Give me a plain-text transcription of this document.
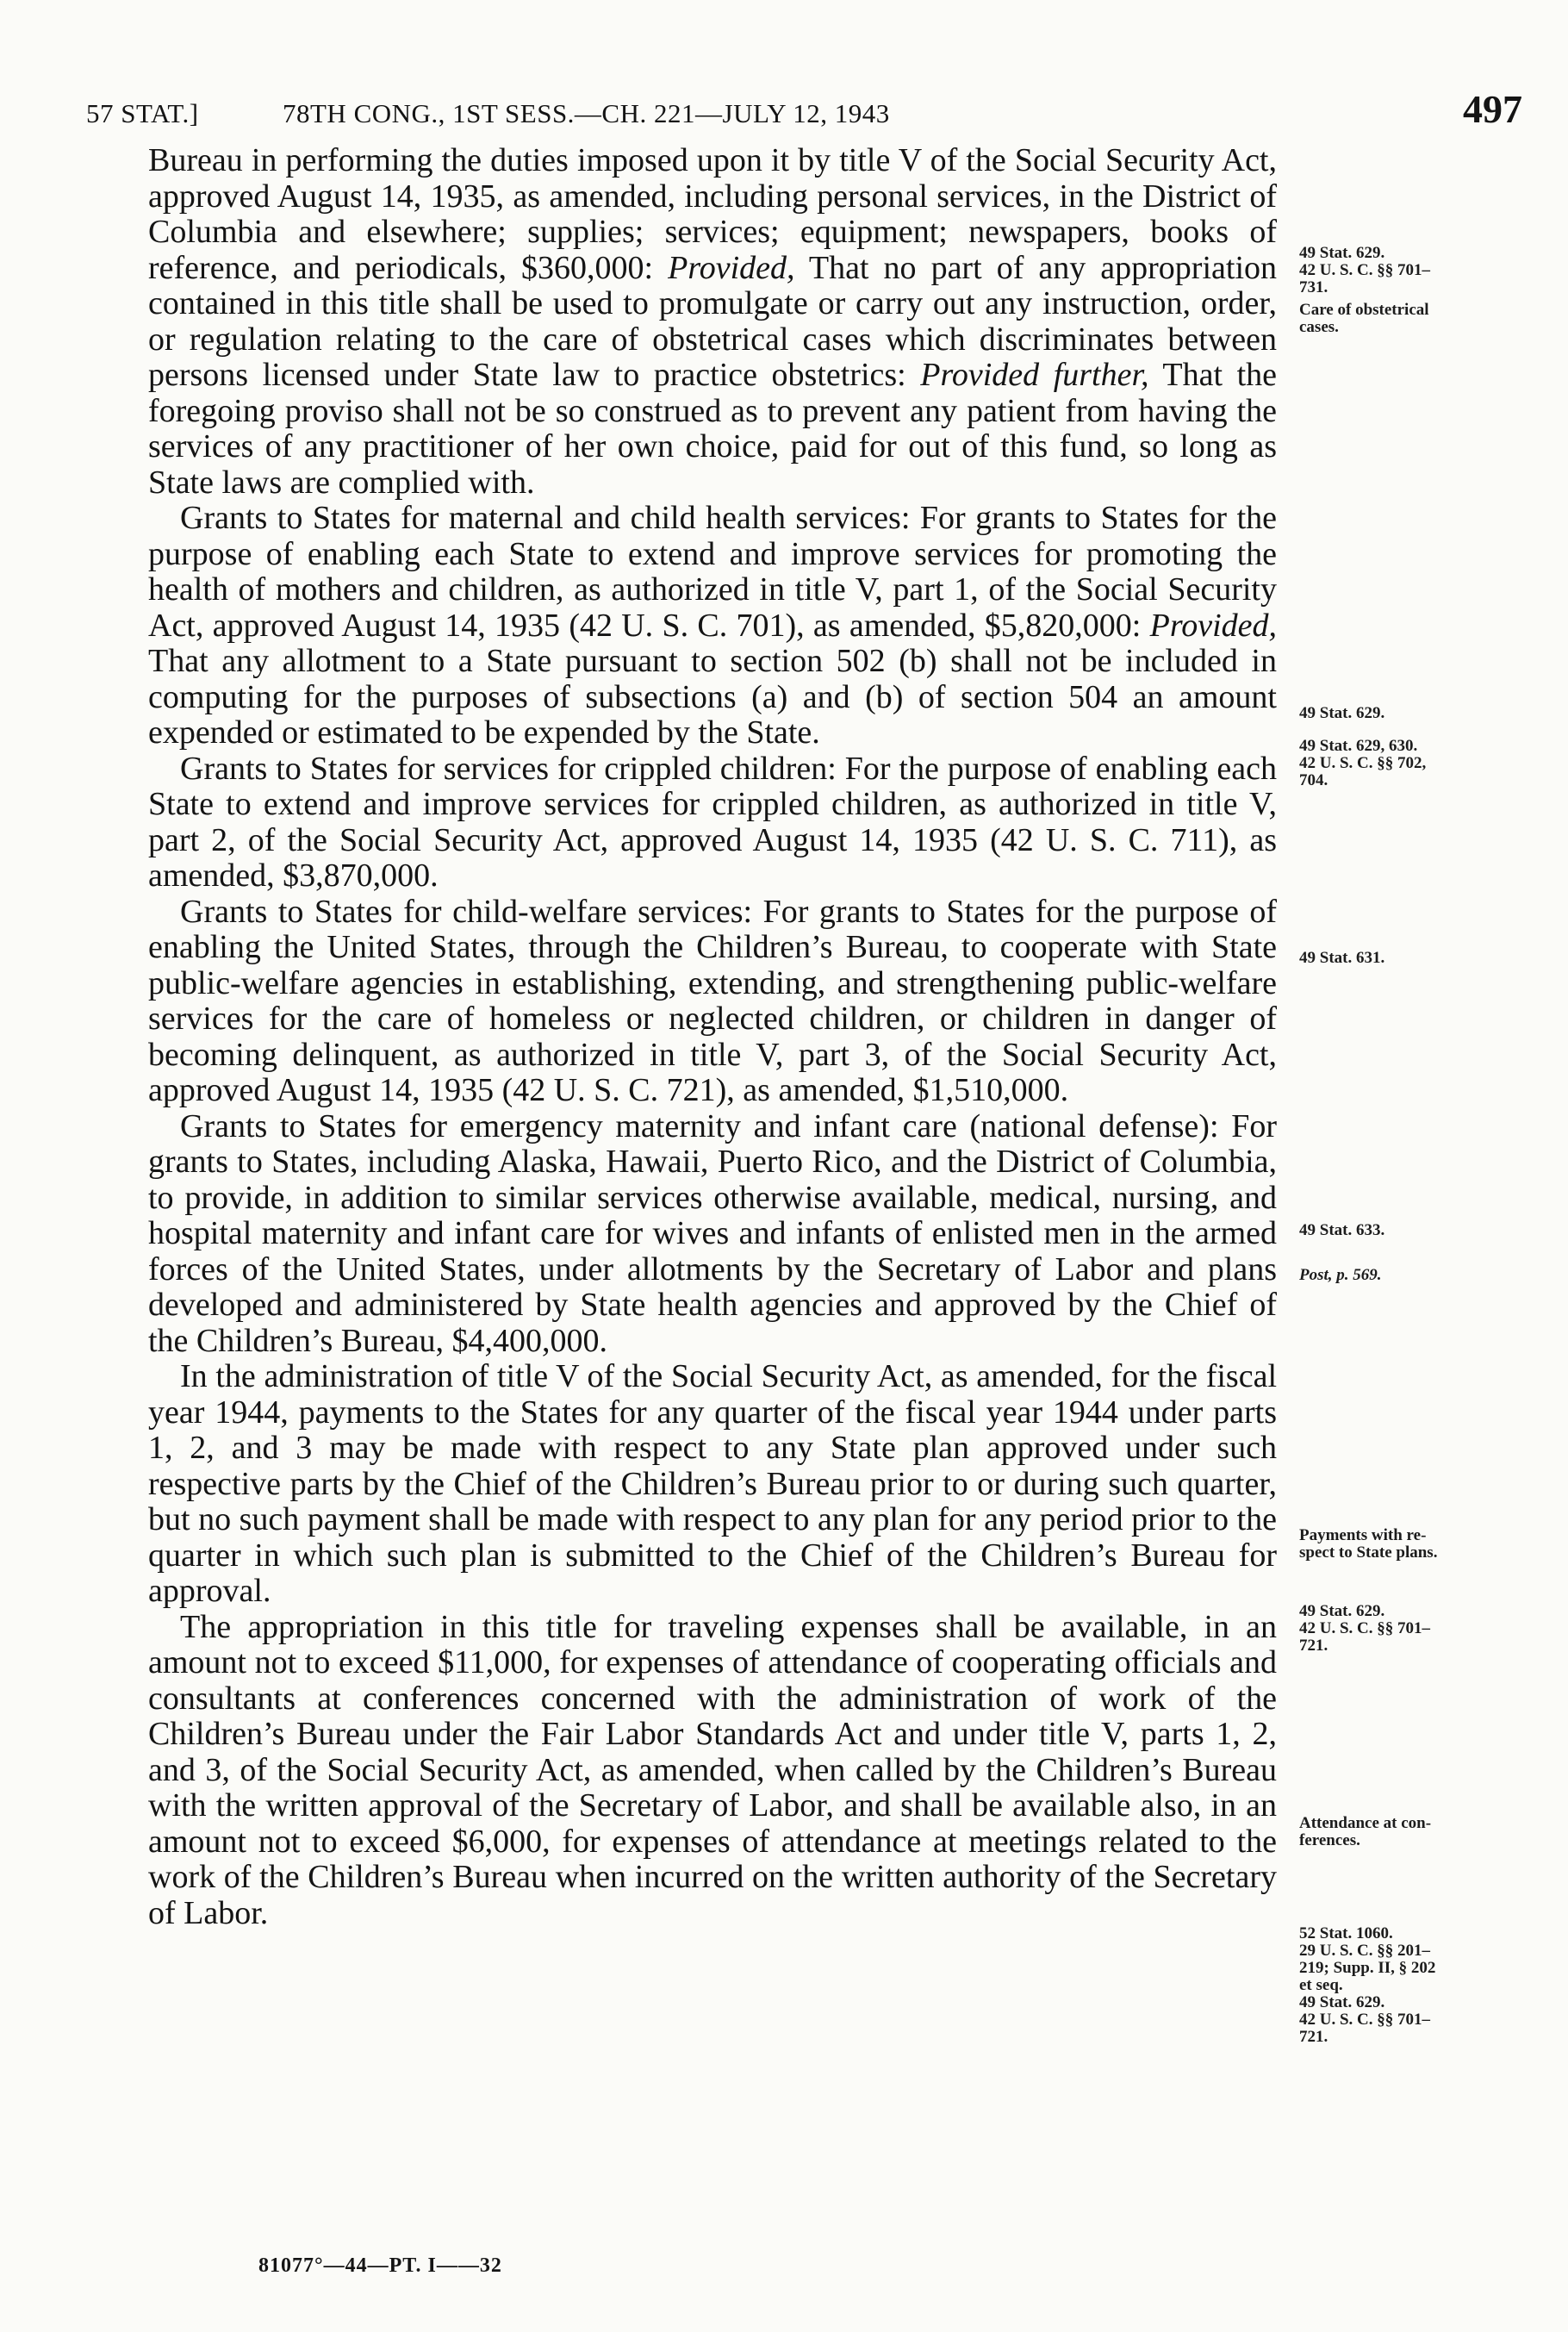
57 STAT.]	78TH CONG., 1ST SESS.—CH. 221—JULY 12, 1943	497

Bureau in performing the duties imposed upon it by title V of the Social Security Act, approved August 14, 1935, as amended, including personal services, in the District of Columbia and elsewhere; supplies; services; equipment; newspapers, books of reference, and periodicals, $360,000: Provided, That no part of any appropriation contained in this title shall be used to promulgate or carry out any instruction, order, or regulation relating to the care of obstetrical cases which discriminates between persons licensed under State law to practice obstetrics: Provided further, That the foregoing proviso shall not be so construed as to prevent any patient from having the services of any practitioner of her own choice, paid for out of this fund, so long as State laws are complied with.

Grants to States for maternal and child health services: For grants to States for the purpose of enabling each State to extend and improve services for promoting the health of mothers and children, as authorized in title V, part 1, of the Social Security Act, approved August 14, 1935 (42 U. S. C. 701), as amended, $5,820,000: Provided, That any allotment to a State pursuant to section 502 (b) shall not be included in computing for the purposes of subsections (a) and (b) of section 504 an amount expended or estimated to be expended by the State.

Grants to States for services for crippled children: For the purpose of enabling each State to extend and improve services for crippled children, as authorized in title V, part 2, of the Social Security Act, approved August 14, 1935 (42 U. S. C. 711), as amended, $3,870,000.

Grants to States for child-welfare services: For grants to States for the purpose of enabling the United States, through the Children’s Bureau, to cooperate with State public-welfare agencies in establishing, extending, and strengthening public-welfare services for the care of homeless or neglected children, or children in danger of becoming delinquent, as authorized in title V, part 3, of the Social Security Act, approved August 14, 1935 (42 U. S. C. 721), as amended, $1,510,000.

Grants to States for emergency maternity and infant care (national defense): For grants to States, including Alaska, Hawaii, Puerto Rico, and the District of Columbia, to provide, in addition to similar services otherwise available, medical, nursing, and hospital maternity and infant care for wives and infants of enlisted men in the armed forces of the United States, under allotments by the Secretary of Labor and plans developed and administered by State health agencies and approved by the Chief of the Children’s Bureau, $4,400,000.

In the administration of title V of the Social Security Act, as amended, for the fiscal year 1944, payments to the States for any quarter of the fiscal year 1944 under parts 1, 2, and 3 may be made with respect to any State plan approved under such respective parts by the Chief of the Children’s Bureau prior to or during such quarter, but no such payment shall be made with respect to any plan for any period prior to the quarter in which such plan is submitted to the Chief of the Children’s Bureau for approval.

The appropriation in this title for traveling expenses shall be available, in an amount not to exceed $11,000, for expenses of attendance of cooperating officials and consultants at conferences concerned with the administration of work of the Children’s Bureau under the Fair Labor Standards Act and under title V, parts 1, 2, and 3, of the Social Security Act, as amended, when called by the Children’s Bureau with the written approval of the Secretary of Labor, and shall be available also, in an amount not to exceed $6,000, for expenses of attendance at meetings related to the work of the Children’s Bureau when incurred on the written authority of the Secretary of Labor.

49 Stat. 629.
42 U. S. C. §§ 701–
731.
Care of obstetrical
cases.
49 Stat. 629.
49 Stat. 629, 630.
42 U. S. C. §§ 702,
704.
49 Stat. 631.
49 Stat. 633.
Post, p. 569.
Payments with re-
spect to State plans.
49 Stat. 629.
42 U. S. C. §§ 701–
721.
Attendance at con-
ferences.
52 Stat. 1060.
29 U. S. C. §§ 201–
219; Supp. II, § 202
et seq.
49 Stat. 629.
42 U. S. C. §§ 701–
721.
81077°—44—PT. I——32
